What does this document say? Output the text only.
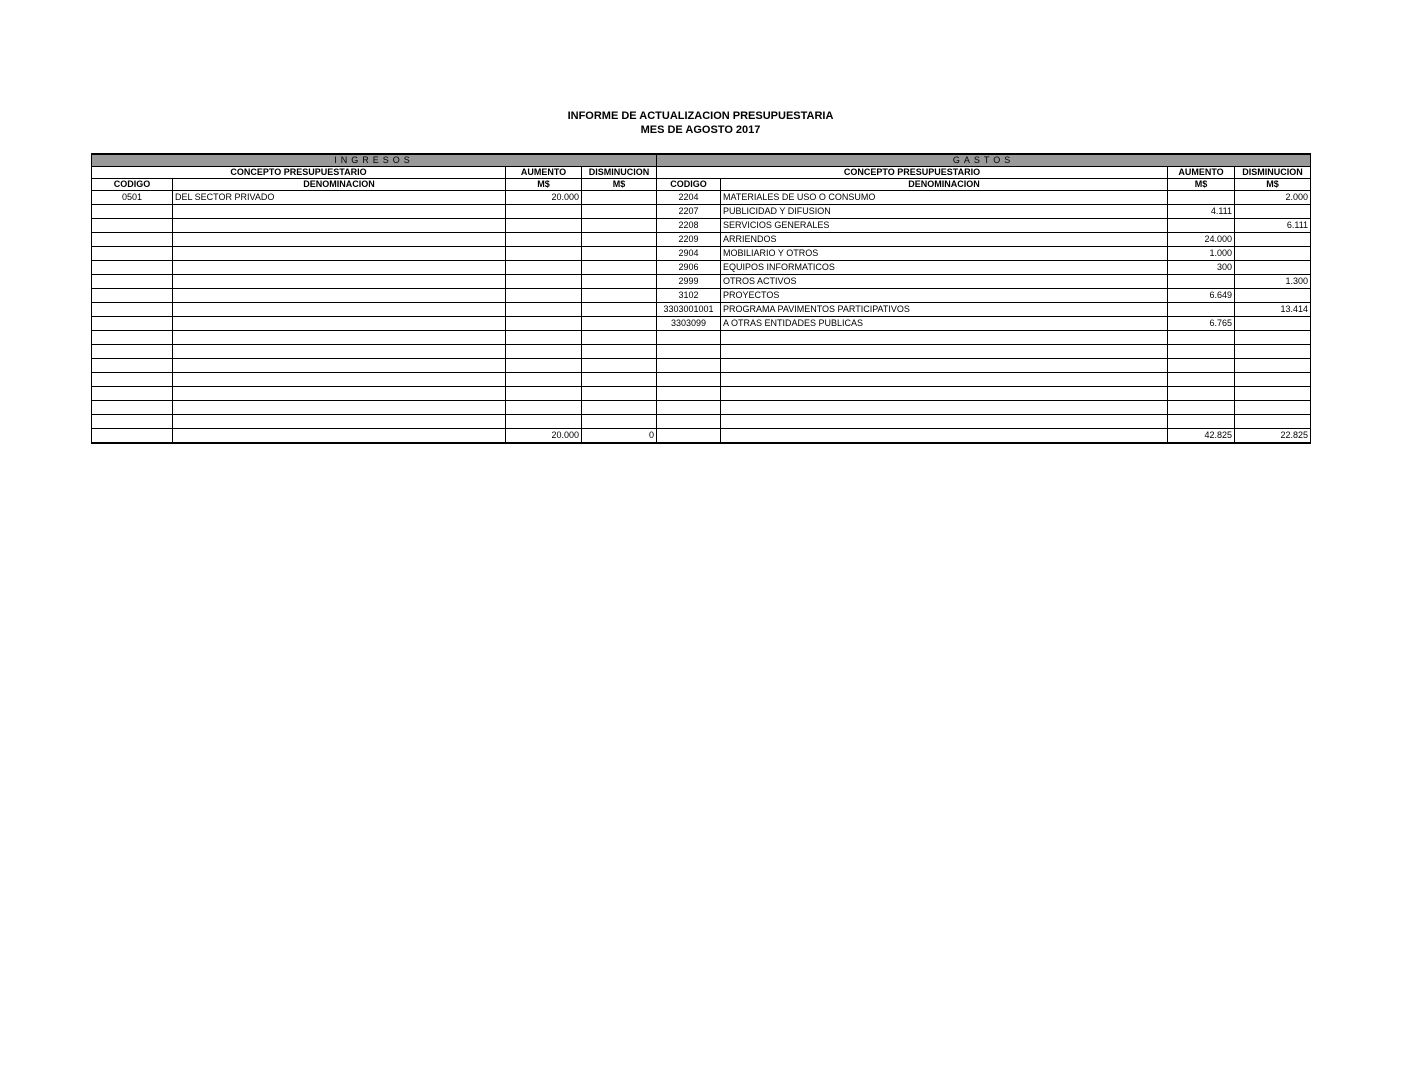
INFORME DE ACTUALIZACION PRESUPUESTARIA
MES DE AGOSTO 2017
INGRESOS				GASTOS			
CONCEPTO PRESUPUESTARIO		AUMENTO	DISMINUCION	CONCEPTO PRESUPUESTARIO		AUMENTO	DISMINUCION
CODIGO	DENOMINACION	M$	M$	CODIGO	DENOMINACION	M$	M$
0501	DEL SECTOR PRIVADO	20.000		2204	MATERIALES DE USO O CONSUMO		2.000
				2207	PUBLICIDAD Y DIFUSION	4.111	
				2208	SERVICIOS GENERALES		6.111
				2209	ARRIENDOS	24.000	
				2904	MOBILIARIO Y OTROS	1.000	
				2906	EQUIPOS INFORMATICOS	300	
				2999	OTROS ACTIVOS		1.300
				3102	PROYECTOS	6.649	
				3303001001	PROGRAMA PAVIMENTOS PARTICIPATIVOS		13.414
				3303099	A OTRAS ENTIDADES PUBLICAS	6.765	

		20.000	0			42.825	22.825
